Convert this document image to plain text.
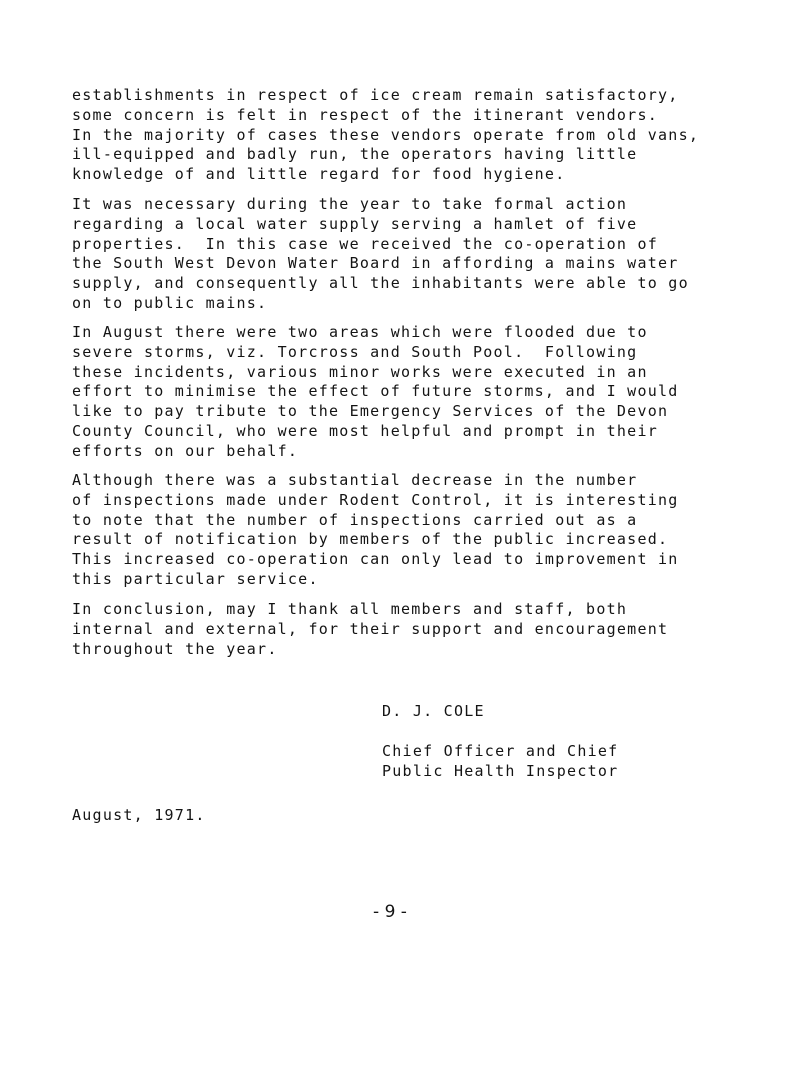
establishments in respect of ice cream remain satisfactory,
some concern is felt in respect of the itinerant vendors.
In the majority of cases these vendors operate from old vans,
ill-equipped and badly run, the operators having little
knowledge of and little regard for food hygiene.
It was necessary during the year to take formal action
regarding a local water supply serving a hamlet of five
properties.  In this case we received the co-operation of
the South West Devon Water Board in affording a mains water
supply, and consequently all the inhabitants were able to go
on to public mains.
In August there were two areas which were flooded due to
severe storms, viz. Torcross and South Pool.  Following
these incidents, various minor works were executed in an
effort to minimise the effect of future storms, and I would
like to pay tribute to the Emergency Services of the Devon
County Council, who were most helpful and prompt in their
efforts on our behalf.
Although there was a substantial decrease in the number
of inspections made under Rodent Control, it is interesting
to note that the number of inspections carried out as a
result of notification by members of the public increased.
This increased co-operation can only lead to improvement in
this particular service.
In conclusion, may I thank all members and staff, both
internal and external, for their support and encouragement
throughout the year.
D. J. COLE
Chief Officer and Chief
Public Health Inspector
August, 1971.
- 9 -
